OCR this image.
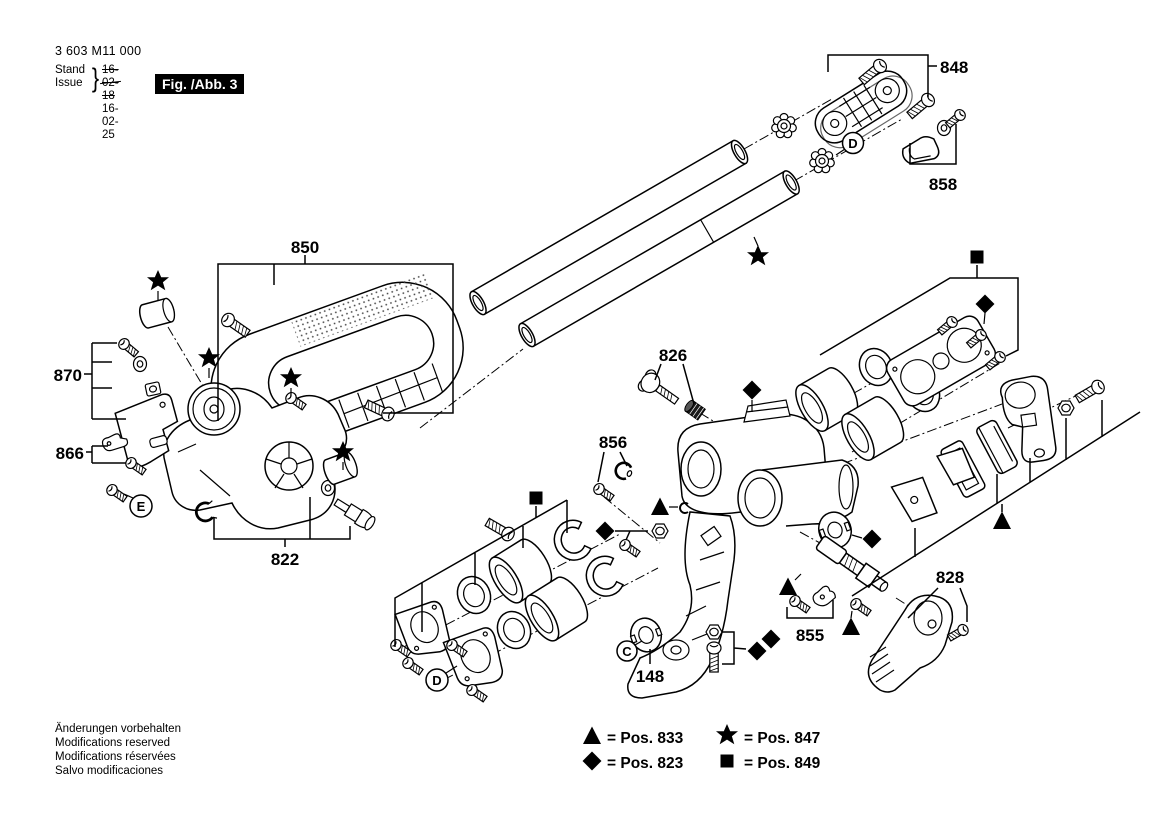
3 603 M11 000
Stand
Issue } 16-02-18
16-02-25
Fig. /Abb. 3
Änderungen vorbehalten
Modifications reserved
Modifications réservées
Salvo modificaciones
D
E
D
C
848
858
850
870
866
822
826
856
828
855
148
= Pos. 833
= Pos. 823
= Pos. 847
= Pos. 849
